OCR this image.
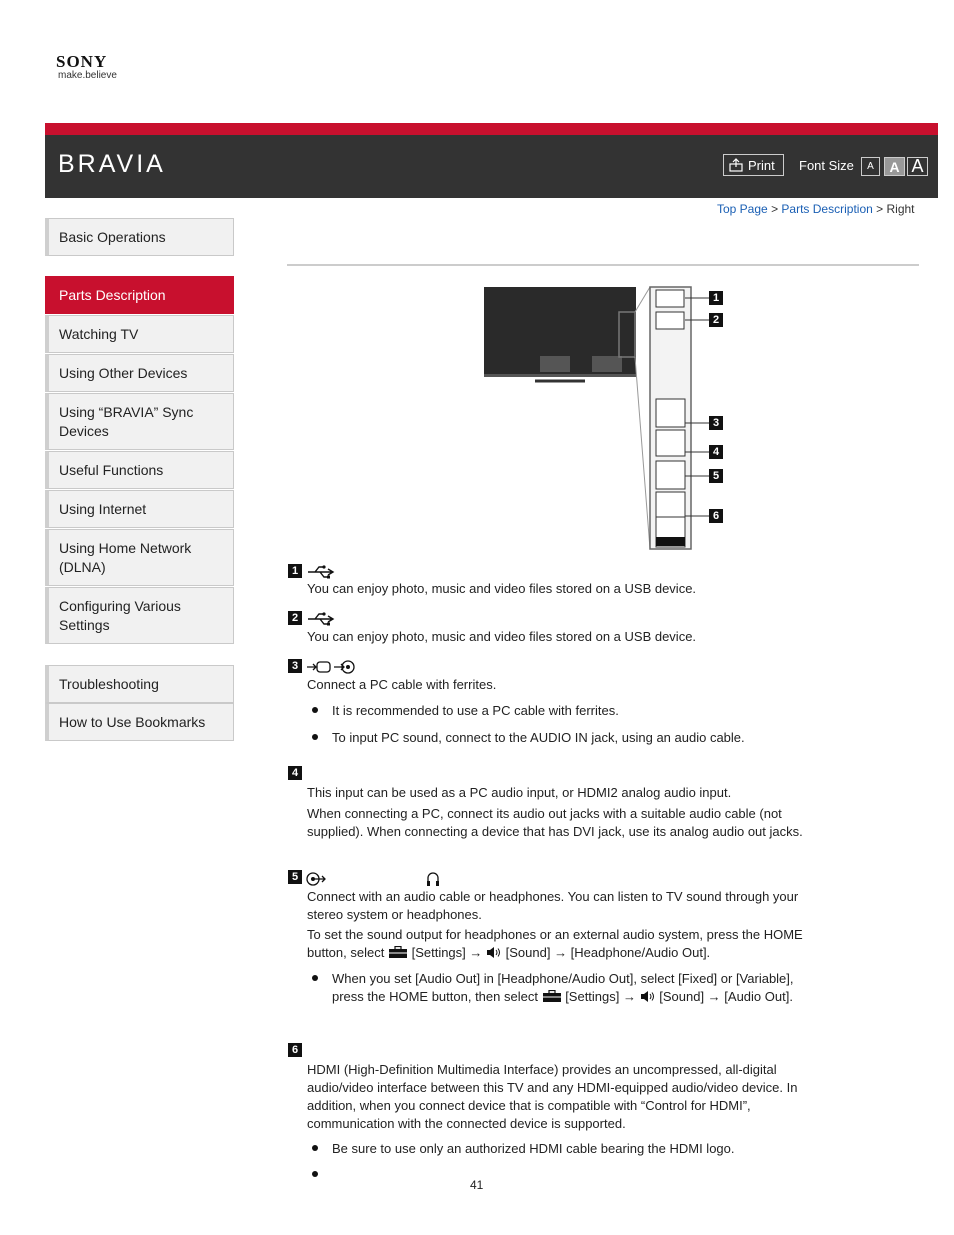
SONY
make.believe
BRAVIA	Print Font Size A A A
Top Page > Parts Description > Right
Basic Operations
Parts Description
Watching TV
Using Other Devices
Using “BRAVIA” Sync Devices
Useful Functions
Using Internet
Using Home Network (DLNA)
Configuring Various Settings
Troubleshooting
How to Use Bookmarks
1
2
3
4
5
6
1
You can enjoy photo, music and video files stored on a USB device.
2
You can enjoy photo, music and video files stored on a USB device.
3
Connect a PC cable with ferrites.
It is recommended to use a PC cable with ferrites.
To input PC sound, connect to the AUDIO IN jack, using an audio cable.
4
This input can be used as a PC audio input, or HDMI2 analog audio input.
When connecting a PC, connect its audio out jacks with a suitable audio cable (not supplied). When connecting a device that has DVI jack, use its analog audio out jacks.
5
Connect with an audio cable or headphones. You can listen to TV sound through your stereo system or headphones.
To set the sound output for headphones or an external audio system, press the HOME button, select [Settings] → [Sound] → [Headphone/Audio Out].
When you set [Audio Out] in [Headphone/Audio Out], select [Fixed] or [Variable], press the HOME button, then select [Settings] → [Sound] → [Audio Out].
6
HDMI (High-Definition Multimedia Interface) provides an uncompressed, all-digital audio/video interface between this TV and any HDMI-equipped audio/video device. In addition, when you connect device that is compatible with “Control for HDMI”, communication with the connected device is supported.
Be sure to use only an authorized HDMI cable bearing the HDMI logo.
41
